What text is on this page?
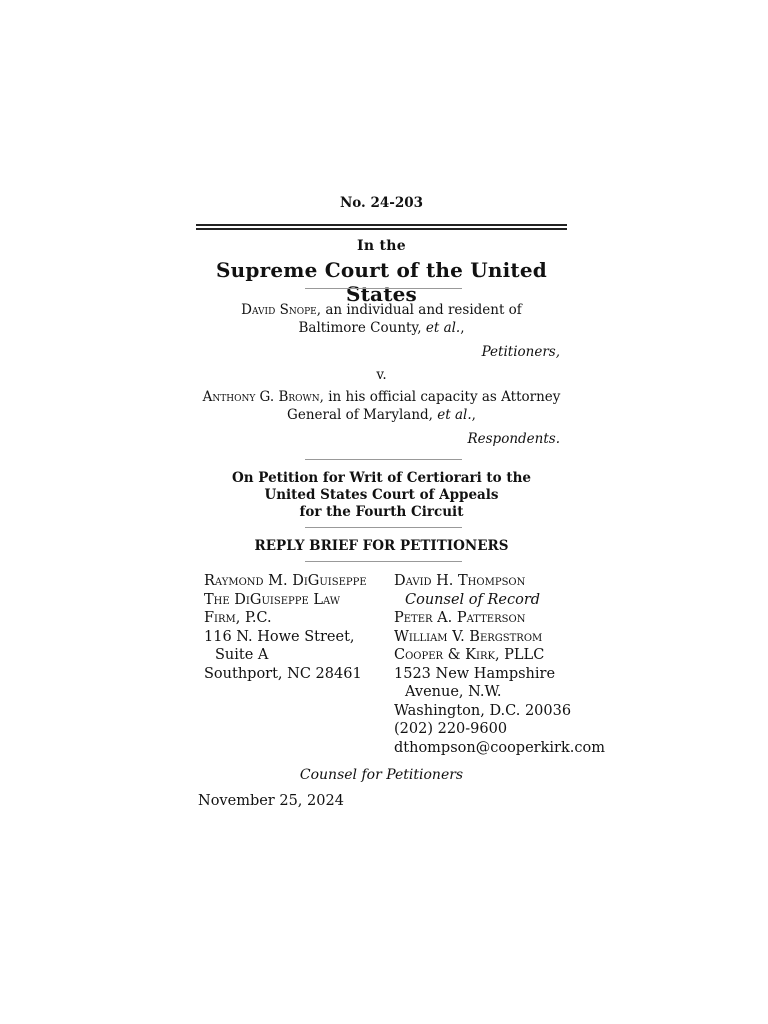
No. 24-203
In the
Supreme Court of the United States
David Snope, an individual and resident of
Baltimore County, et al.,
Petitioners,
v.
Anthony G. Brown, in his official capacity as Attorney
General of Maryland, et al.,
Respondents.
On Petition for Writ of Certiorari to the
United States Court of Appeals
for the Fourth Circuit
REPLY BRIEF FOR PETITIONERS
Raymond M. DiGuiseppe
The DiGuiseppe Law
Firm, P.C.
116 N. Howe Street,
Suite A
Southport, NC 28461
David H. Thompson
Counsel of Record
Peter A. Patterson
William V. Bergstrom
Cooper & Kirk, PLLC
1523 New Hampshire
Avenue, N.W.
Washington, D.C. 20036
(202) 220-9600
dthompson@cooperkirk.com
Counsel for Petitioners
November 25, 2024
